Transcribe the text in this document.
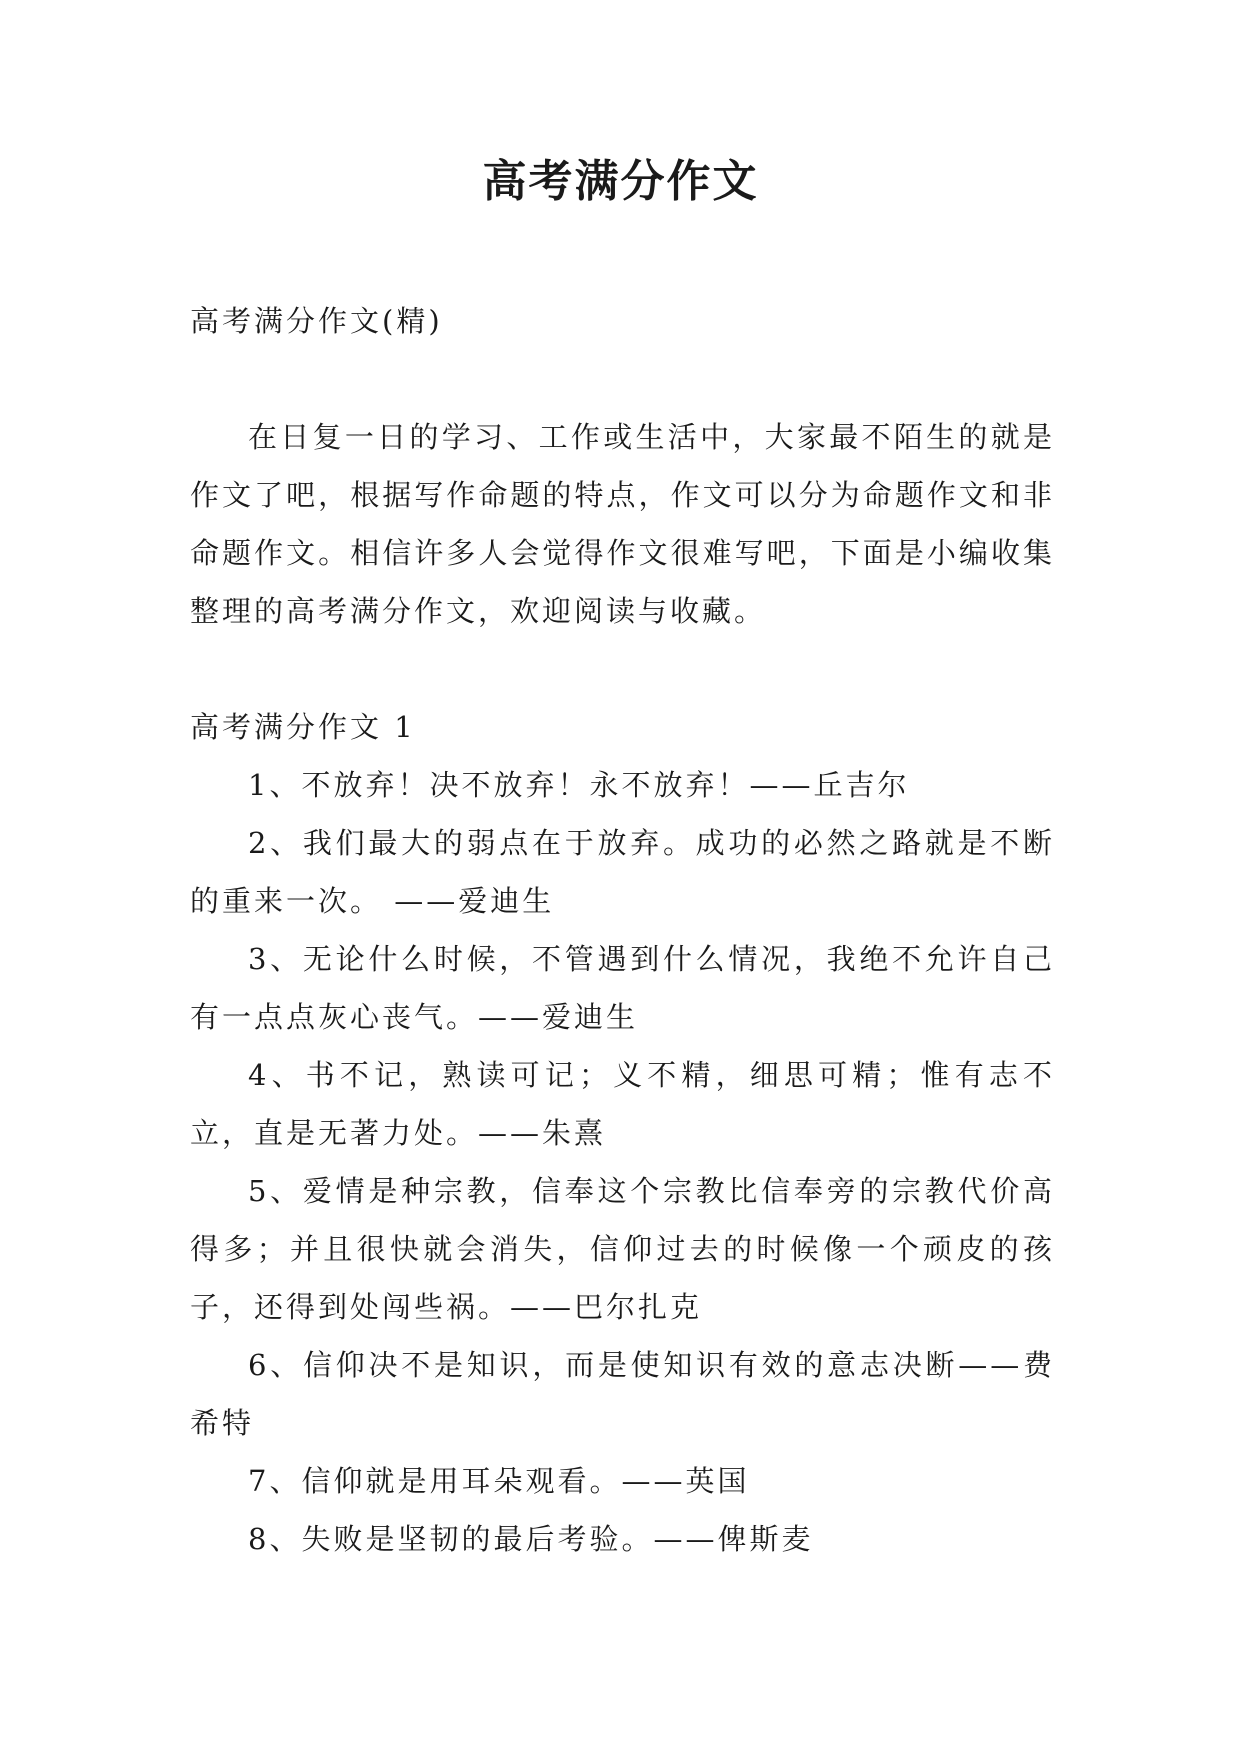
高考满分作文

高考满分作文(精)

在日复一日的学习、工作或生活中，大家最不陌生的就是作文了吧，根据写作命题的特点，作文可以分为命题作文和非命题作文。相信许多人会觉得作文很难写吧，下面是小编收集整理的高考满分作文，欢迎阅读与收藏。

高考满分作文 1

1、不放弃！决不放弃！永不放弃！——丘吉尔

2、我们最大的弱点在于放弃。成功的必然之路就是不断的重来一次。 ——爱迪生

3、无论什么时候，不管遇到什么情况，我绝不允许自己有一点点灰心丧气。——爱迪生

4、书不记，熟读可记；义不精，细思可精；惟有志不立，直是无著力处。——朱熹

5、爱情是种宗教，信奉这个宗教比信奉旁的宗教代价高得多；并且很快就会消失，信仰过去的时候像一个顽皮的孩子，还得到处闯些祸。——巴尔扎克

6、信仰决不是知识，而是使知识有效的意志决断——费希特

7、信仰就是用耳朵观看。——英国

8、失败是坚韧的最后考验。——俾斯麦
